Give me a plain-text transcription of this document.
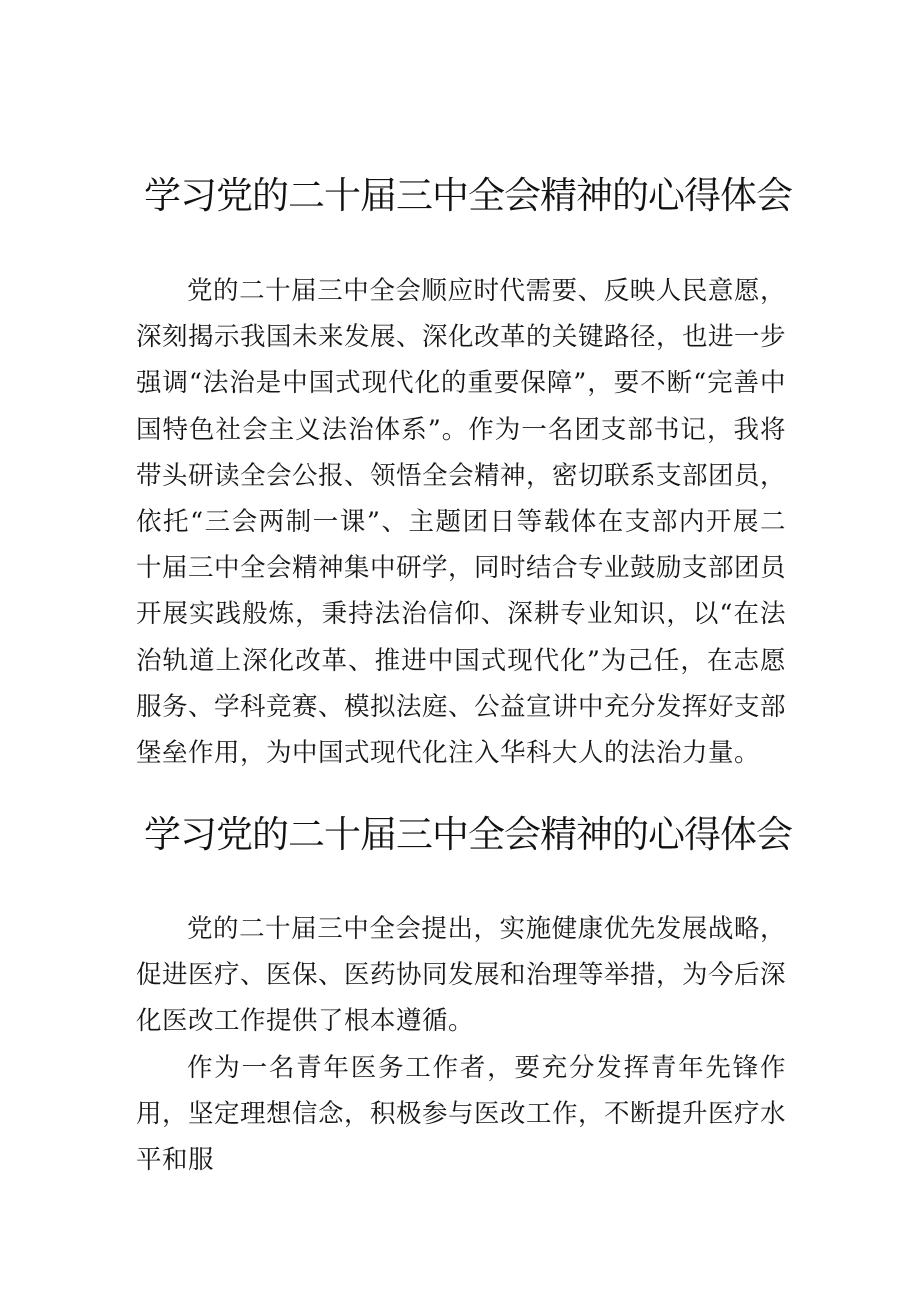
学习党的二十届三中全会精神的心得体会

党的二十届三中全会顺应时代需要、反映人民意愿，深刻揭示我国未来发展、深化改革的关键路径，也进一步强调“法治是中国式现代化的重要保障”，要不断“完善中国特色社会主义法治体系”。作为一名团支部书记，我将带头研读全会公报、领悟全会精神，密切联系支部团员，依托“三会两制一课”、主题团日等载体在支部内开展二十届三中全会精神集中研学，同时结合专业鼓励支部团员开展实践般炼，秉持法治信仰、深耕专业知识，以“在法治轨道上深化改革、推进中国式现代化”为己任，在志愿服务、学科竞赛、模拟法庭、公益宣讲中充分发挥好支部堡垒作用，为中国式现代化注入华科大人的法治力量。

学习党的二十届三中全会精神的心得体会

党的二十届三中全会提出，实施健康优先发展战略，促进医疗、医保、医药协同发展和治理等举措，为今后深化医改工作提供了根本遵循。

作为一名青年医务工作者，要充分发挥青年先锋作用，坚定理想信念，积极参与医改工作，不断提升医疗水平和服
